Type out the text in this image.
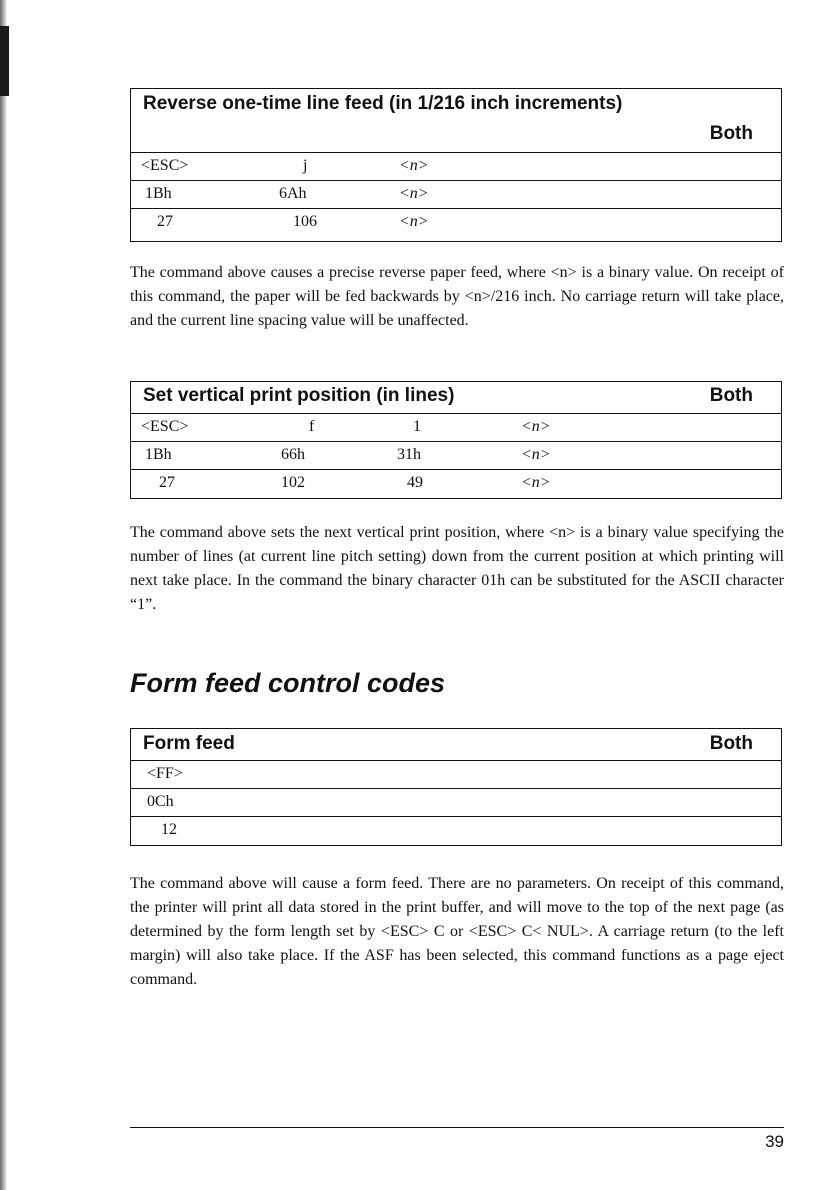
Reverse one-time line feed (in 1/216 inch increments)
Both
<ESC>	j	<n>
1Bh	6Ah	<n>
27	106	<n>

The command above causes a precise reverse paper feed, where <n> is a binary value. On receipt of this command, the paper will be fed backwards by <n>/216 inch. No carriage return will take place, and the current line spacing value will be unaffected.

Set vertical print position (in lines)	Both
<ESC>	f	1	<n>
1Bh	66h	31h	<n>
27	102	49	<n>

The command above sets the next vertical print position, where <n> is a binary value specifying the number of lines (at current line pitch setting) down from the current position at which printing will next take place. In the command the binary character 01h can be substituted for the ASCII character “1”.

Form feed control codes
Form feed	Both
<FF>
0Ch
12

The command above will cause a form feed. There are no parameters. On receipt of this command, the printer will print all data stored in the print buffer, and will move to the top of the next page (as determined by the form length set by <ESC> C or <ESC> C< NUL>. A carriage return (to the left margin) will also take place. If the ASF has been selected, this command functions as a page eject command.

39
